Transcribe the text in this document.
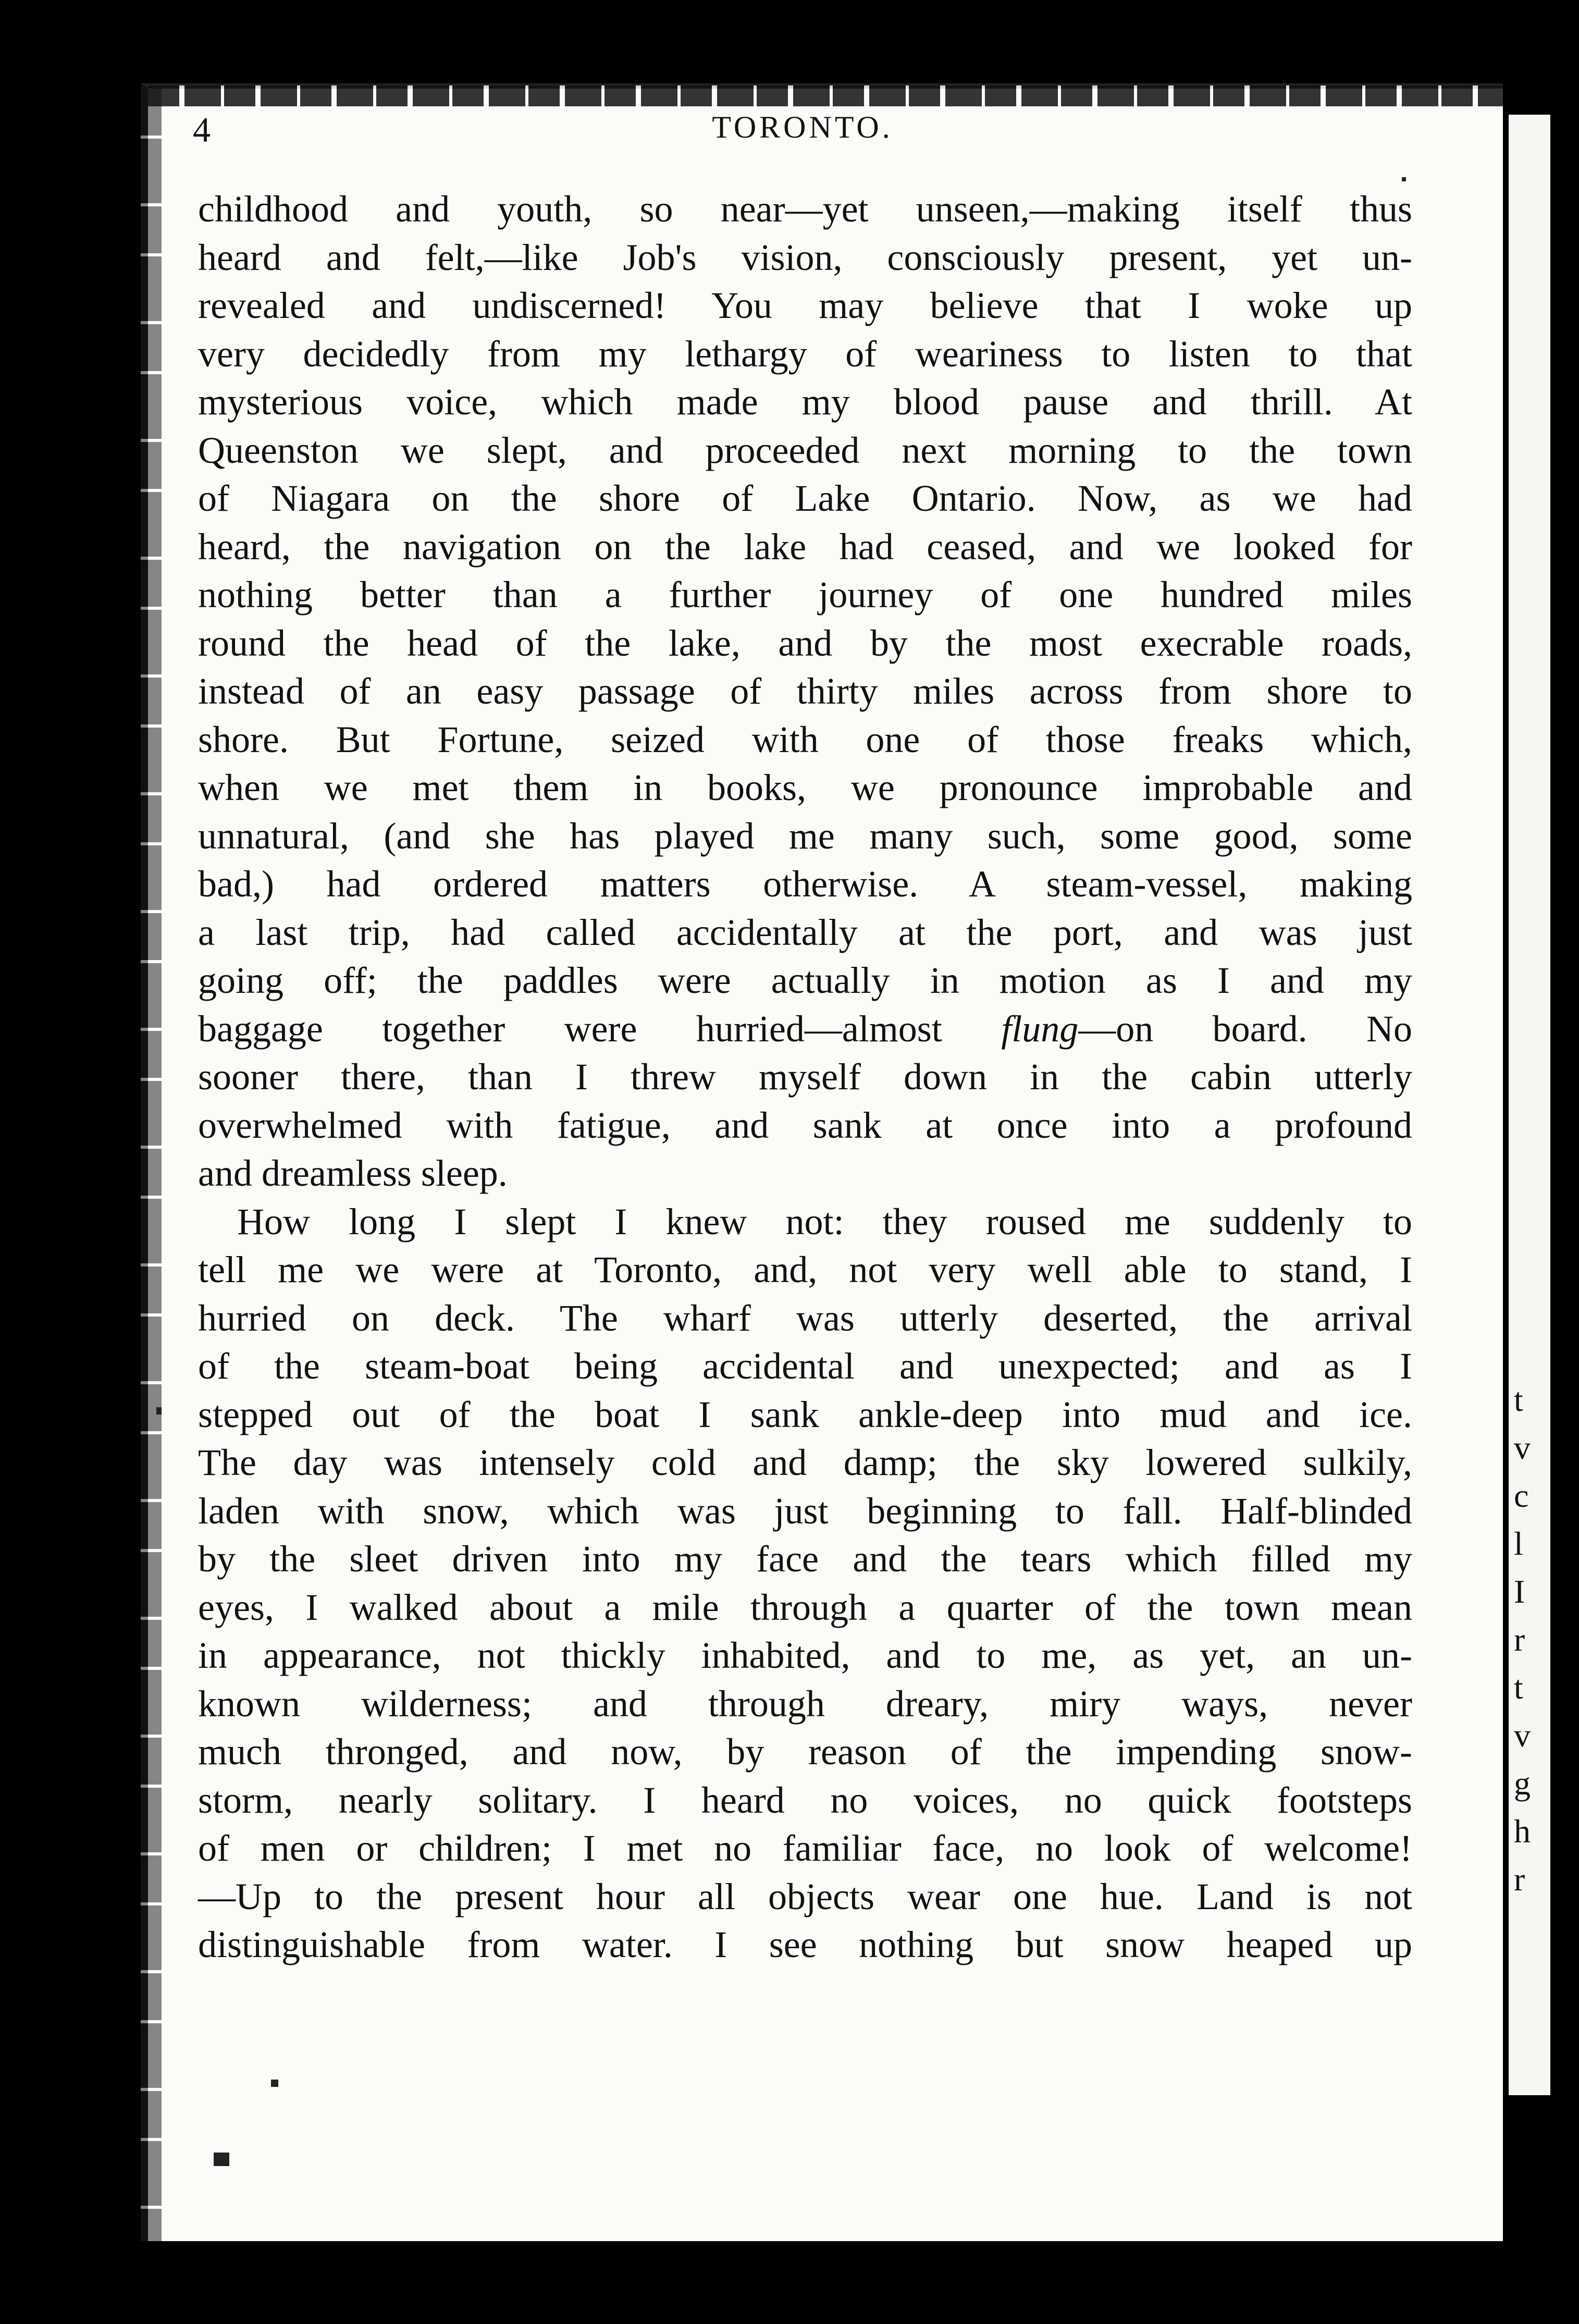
4	TORONTO.
childhood and youth, so near—yet unseen,—making itself thus
heard and felt,—like Job's vision, consciously present, yet un-
revealed and undiscerned! You may believe that I woke up
very decidedly from my lethargy of weariness to listen to that
mysterious voice, which made my blood pause and thrill. At
Queenston we slept, and proceeded next morning to the town
of Niagara on the shore of Lake Ontario. Now, as we had
heard, the navigation on the lake had ceased, and we looked for
nothing better than a further journey of one hundred miles
round the head of the lake, and by the most execrable roads,
instead of an easy passage of thirty miles across from shore to
shore. But Fortune, seized with one of those freaks which,
when we met them in books, we pronounce improbable and
unnatural, (and she has played me many such, some good, some
bad,) had ordered matters otherwise. A steam-vessel, making
a last trip, had called accidentally at the port, and was just
going off; the paddles were actually in motion as I and my
baggage together were hurried—almost flung—on board. No
sooner there, than I threw myself down in the cabin utterly
overwhelmed with fatigue, and sank at once into a profound
and dreamless sleep.
How long I slept I knew not: they roused me suddenly to
tell me we were at Toronto, and, not very well able to stand, I
hurried on deck. The wharf was utterly deserted, the arrival
of the steam-boat being accidental and unexpected; and as I
stepped out of the boat I sank ankle-deep into mud and ice.
The day was intensely cold and damp; the sky lowered sulkily,
laden with snow, which was just beginning to fall. Half-blinded
by the sleet driven into my face and the tears which filled my
eyes, I walked about a mile through a quarter of the town mean
in appearance, not thickly inhabited, and to me, as yet, an un-
known wilderness; and through dreary, miry ways, never
much thronged, and now, by reason of the impending snow-
storm, nearly solitary. I heard no voices, no quick footsteps
of men or children; I met no familiar face, no look of welcome!
—Up to the present hour all objects wear one hue. Land is not
distinguishable from water. I see nothing but snow heaped up
t
v
c
l
I
r
t
v
g
h
r
